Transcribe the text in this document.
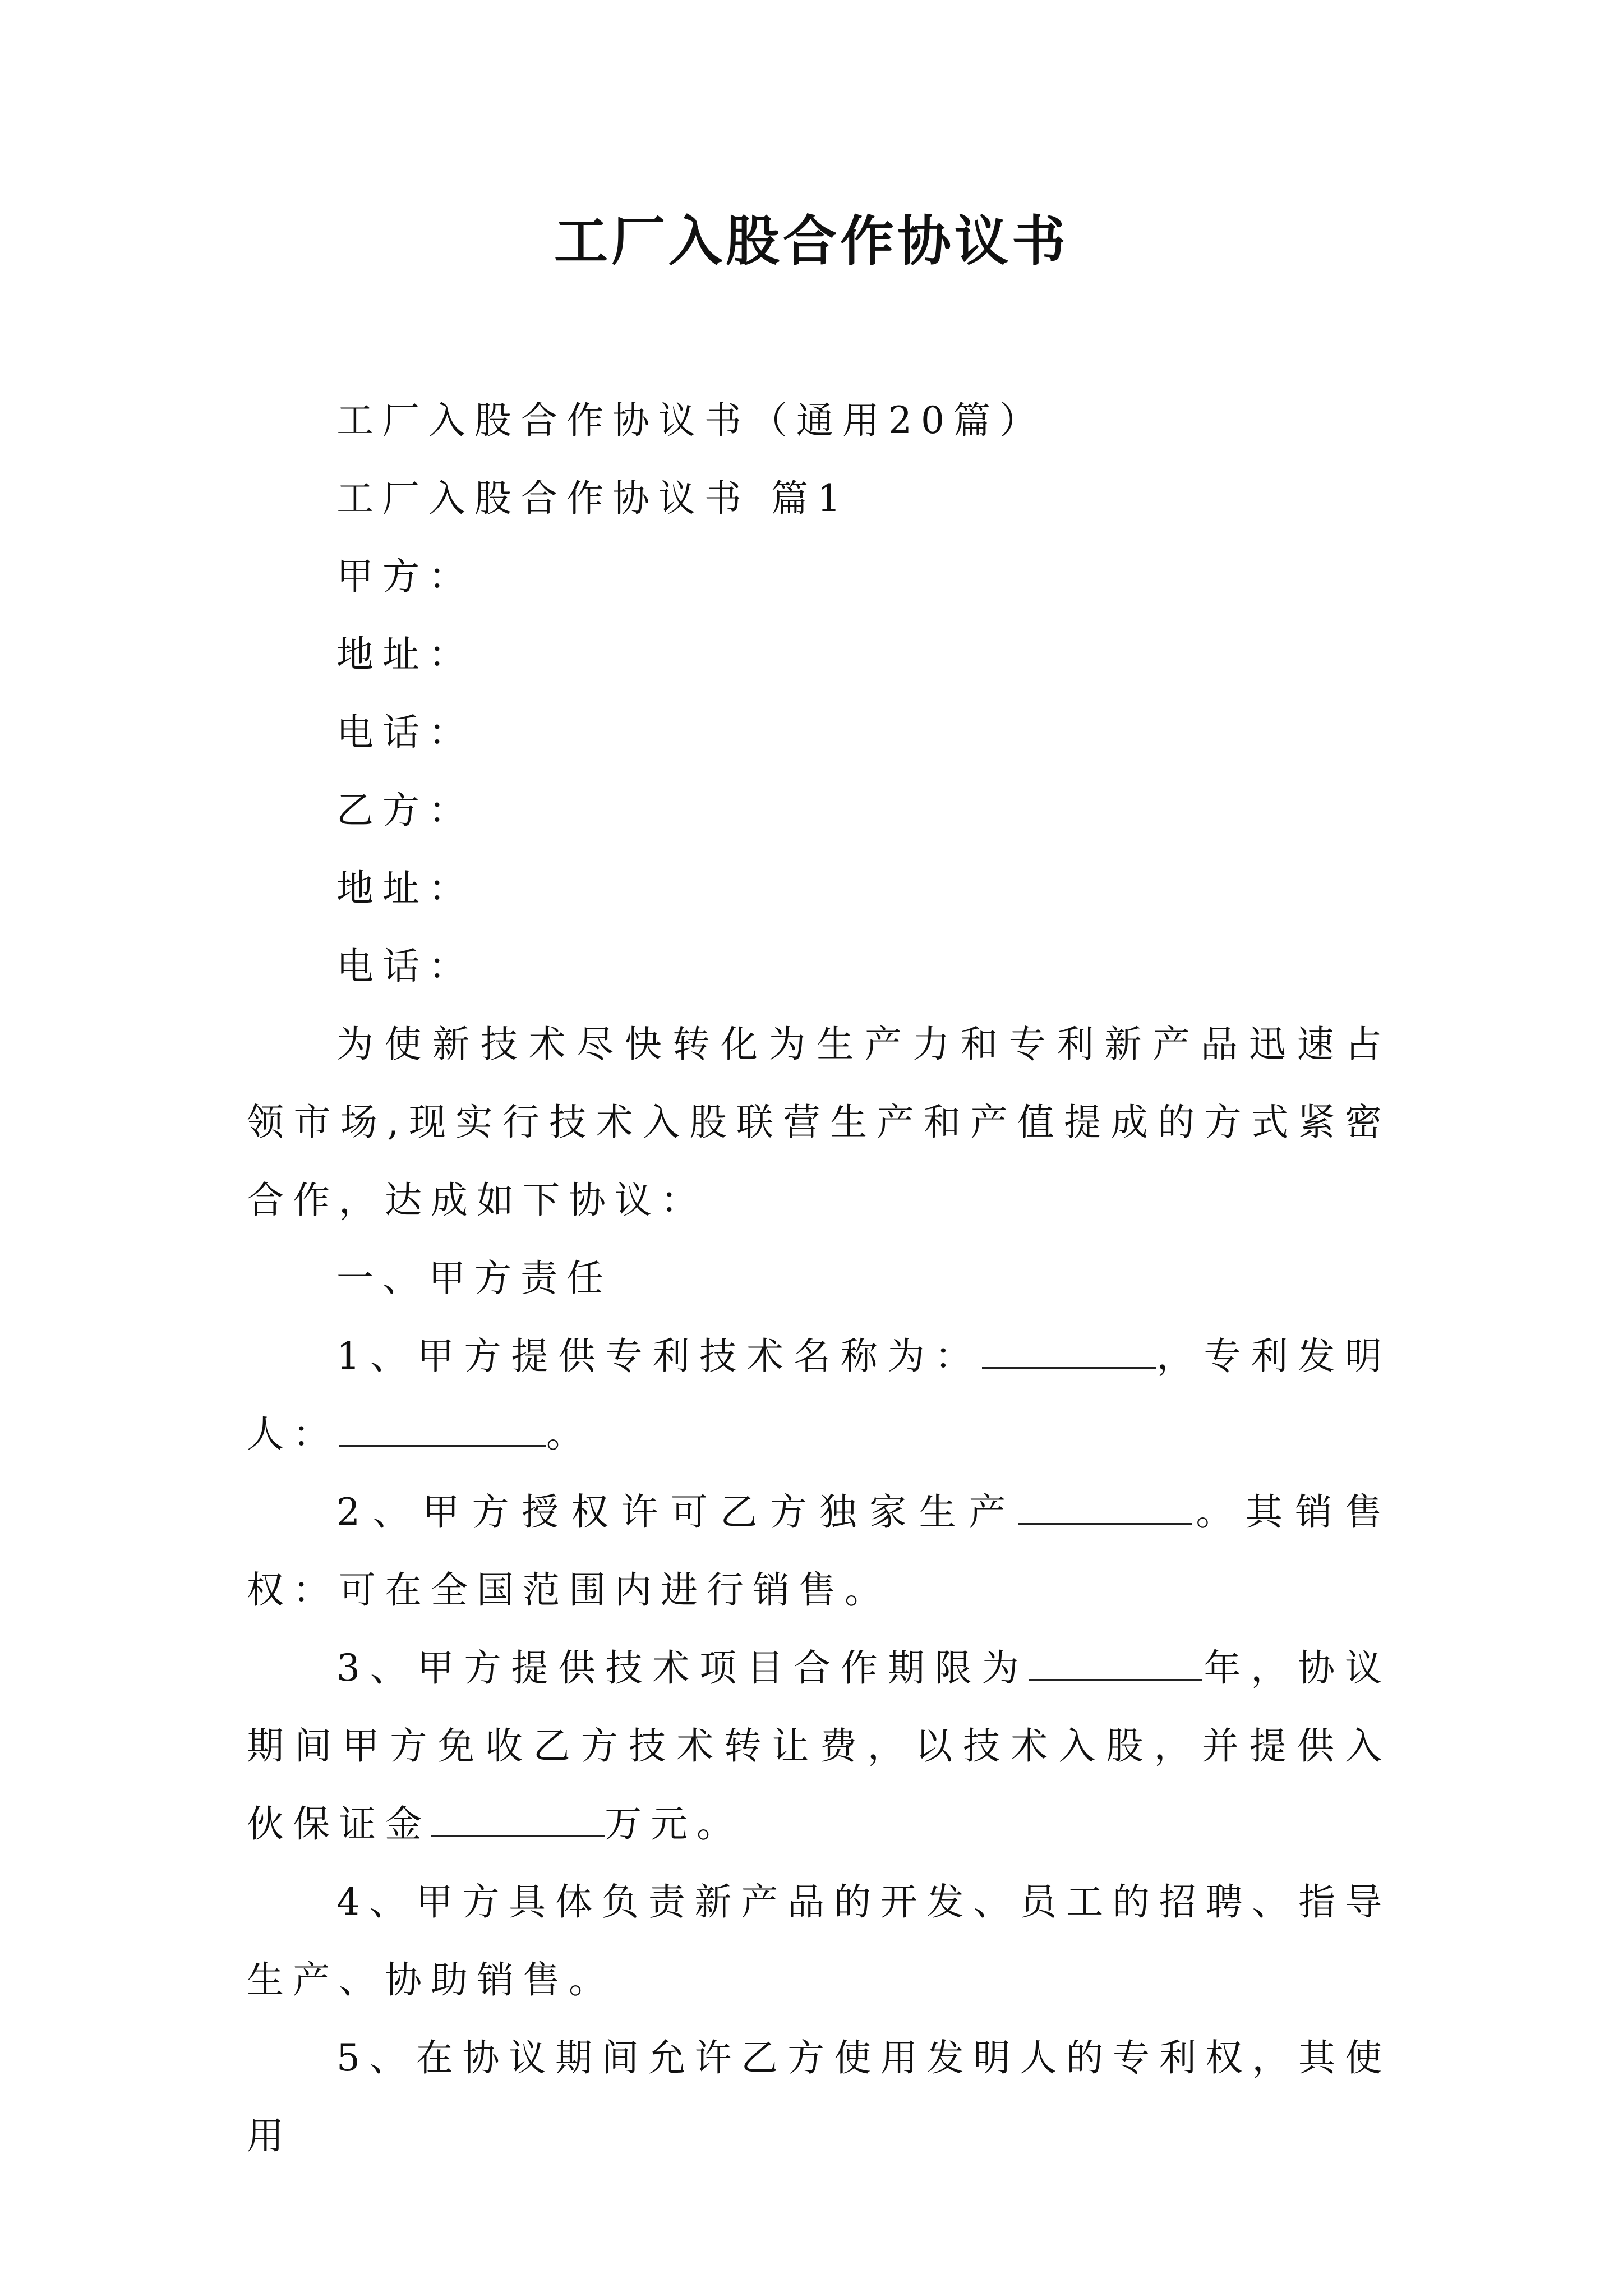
工厂入股合作协议书

工厂入股合作协议书（通用20篇）

工厂入股合作协议书 篇1

甲方：

地址：

电话：

乙方：

地址：

电话：

为使新技术尽快转化为生产力和专利新产品迅速占领市场,现实行技术入股联营生产和产值提成的方式紧密合作，达成如下协议：

一、甲方责任

1、甲方提供专利技术名称为：	，专利发明人：	。

2、甲方授权许可乙方独家生产	。其销售权：可在全国范围内进行销售。

3、甲方提供技术项目合作期限为	年，协议期间甲方免收乙方技术转让费，以技术入股，并提供入伙保证金	万元。

4、甲方具体负责新产品的开发、员工的招聘、指导生产、协助销售。

5、在协议期间允许乙方使用发明人的专利权，其使用
